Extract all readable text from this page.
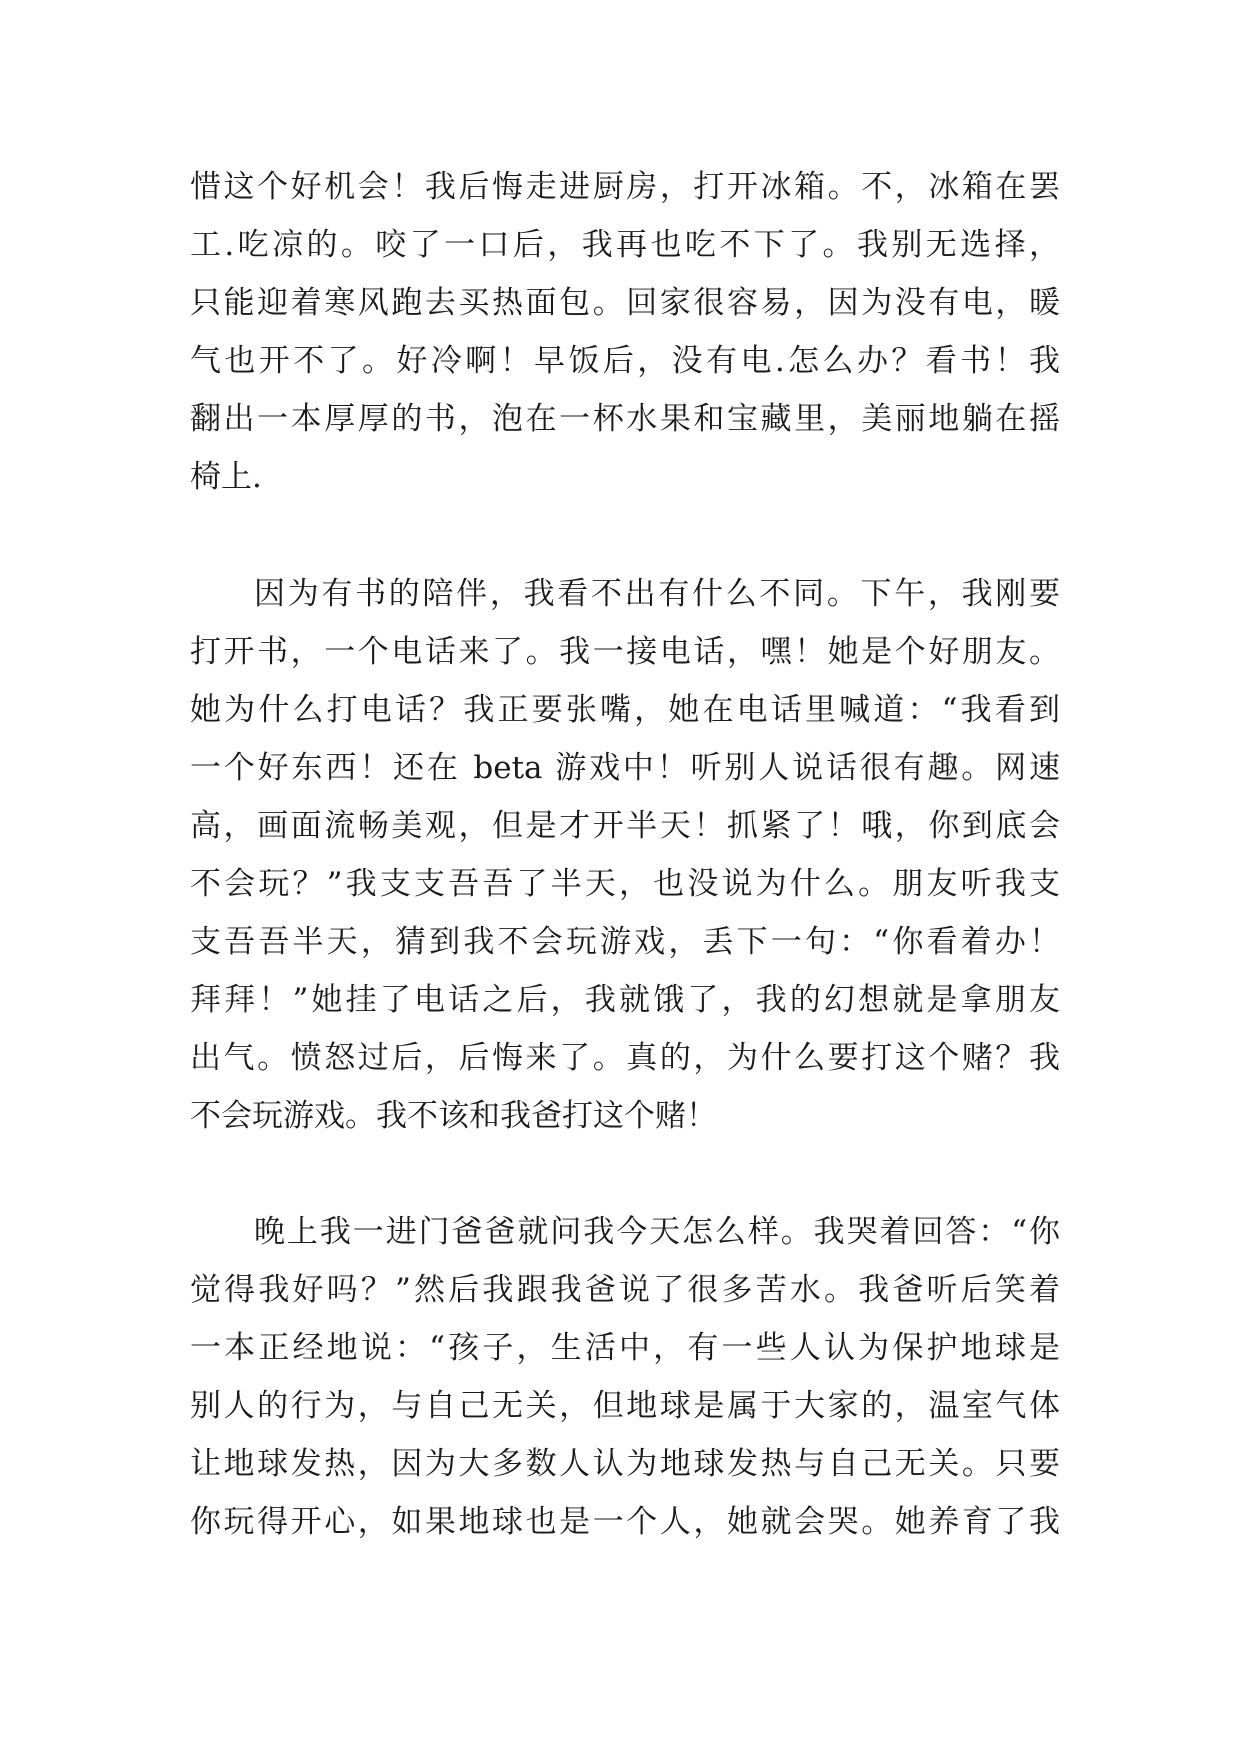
惜这个好机会！我后悔走进厨房，打开冰箱。不，冰箱在罢
工.吃凉的。咬了一口后，我再也吃不下了。我别无选择，
只能迎着寒风跑去买热面包。回家很容易，因为没有电，暖
气也开不了。好冷啊！早饭后，没有电.怎么办？看书！我
翻出一本厚厚的书，泡在一杯水果和宝藏里，美丽地躺在摇
椅上.
因为有书的陪伴，我看不出有什么不同。下午，我刚要
打开书，一个电话来了。我一接电话，嘿！她是个好朋友。
她为什么打电话？我正要张嘴，她在电话里喊道：“我看到
一个好东西！还在 beta 游戏中！听别人说话很有趣。网速
高，画面流畅美观，但是才开半天！抓紧了！哦，你到底会
不会玩？”我支支吾吾了半天，也没说为什么。朋友听我支
支吾吾半天，猜到我不会玩游戏，丢下一句：“你看着办！
拜拜！”她挂了电话之后，我就饿了，我的幻想就是拿朋友
出气。愤怒过后，后悔来了。真的，为什么要打这个赌？我
不会玩游戏。我不该和我爸打这个赌！
晚上我一进门爸爸就问我今天怎么样。我哭着回答：“你
觉得我好吗？”然后我跟我爸说了很多苦水。我爸听后笑着
一本正经地说：“孩子，生活中，有一些人认为保护地球是
别人的行为，与自己无关，但地球是属于大家的，温室气体
让地球发热，因为大多数人认为地球发热与自己无关。只要
你玩得开心，如果地球也是一个人，她就会哭。她养育了我
